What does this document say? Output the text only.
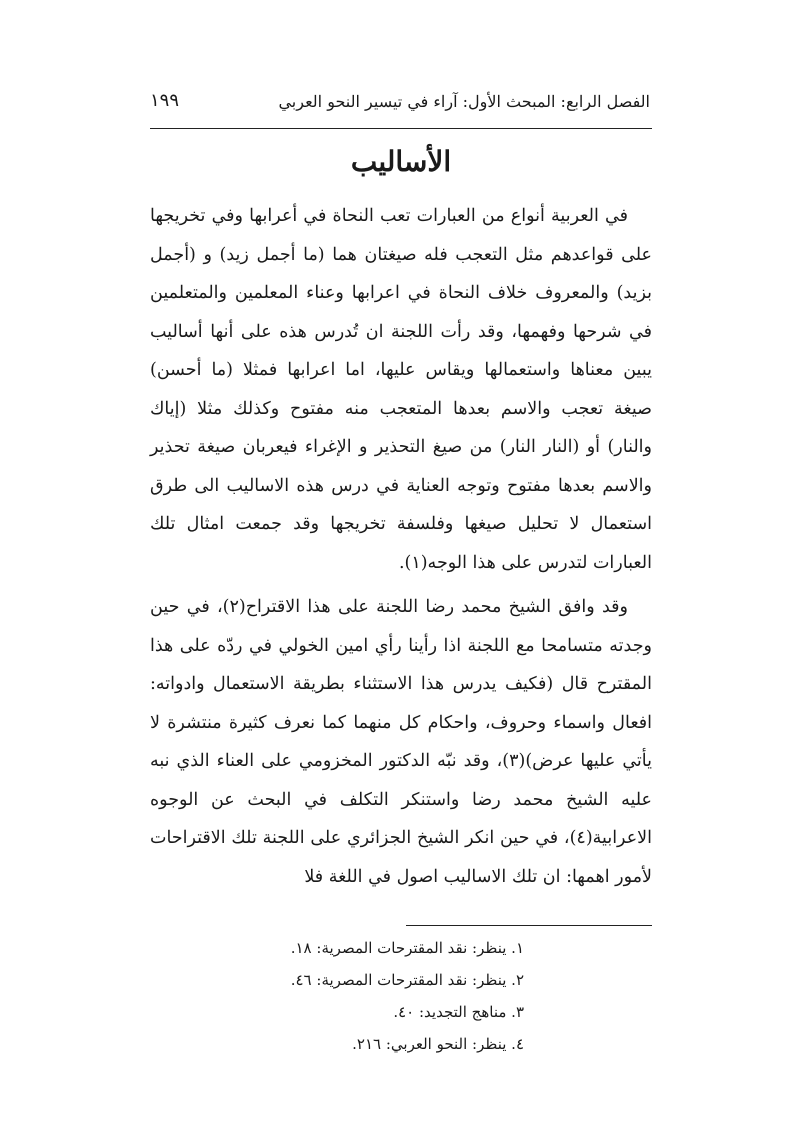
الفصل الرابع: المبحث الأول: آراء في تيسير النحو العربي
١٩٩
الأساليب

في العربية أنواع من العبارات تعب النحاة في أعرابها وفي تخريجها على قواعدهم مثل التعجب فله صيغتان هما (ما أجمل زيد) و (أجمل بزيد) والمعروف خلاف النحاة في اعرابها وعناء المعلمين والمتعلمين في شرحها وفهمها، وقد رأت اللجنة ان تُدرس هذه على أنها أساليب يبين معناها واستعمالها ويقاس عليها، اما اعرابها فمثلا (ما أحسن) صيغة تعجب والاسم بعدها المتعجب منه مفتوح وكذلك مثلا (إياك والنار) أو (النار النار) من صيغ التحذير و الإغراء فيعربان صيغة تحذير والاسم بعدها مفتوح وتوجه العناية في درس هذه الاساليب الى طرق استعمال لا تحليل صيغها وفلسفة تخريجها وقد جمعت امثال تلك العبارات لتدرس على هذا الوجه(١).

وقد وافق الشيخ محمد رضا اللجنة على هذا الاقتراح(٢)، في حين وجدته متسامحا مع اللجنة اذا رأينا رأي امين الخولي في ردّه على هذا المقترح قال (فكيف يدرس هذا الاستثناء بطريقة الاستعمال وادواته: افعال واسماء وحروف، واحكام كل منهما كما نعرف كثيرة منتشرة لا يأتي عليها عرض)(٣)، وقد نبّه الدكتور المخزومي على العناء الذي نبه عليه الشيخ محمد رضا واستنكر التكلف في البحث عن الوجوه الاعرابية(٤)، في حين انكر الشيخ الجزائري على اللجنة تلك الاقتراحات لأمور اهمها: ان تلك الاساليب اصول في اللغة فلا

١. ينظر: نقد المقترحات المصرية: ١٨.
٢. ينظر: نقد المقترحات المصرية: ٤٦.
٣. مناهج التجديد: ٤٠.
٤. ينظر: النحو العربي: ٢١٦.
